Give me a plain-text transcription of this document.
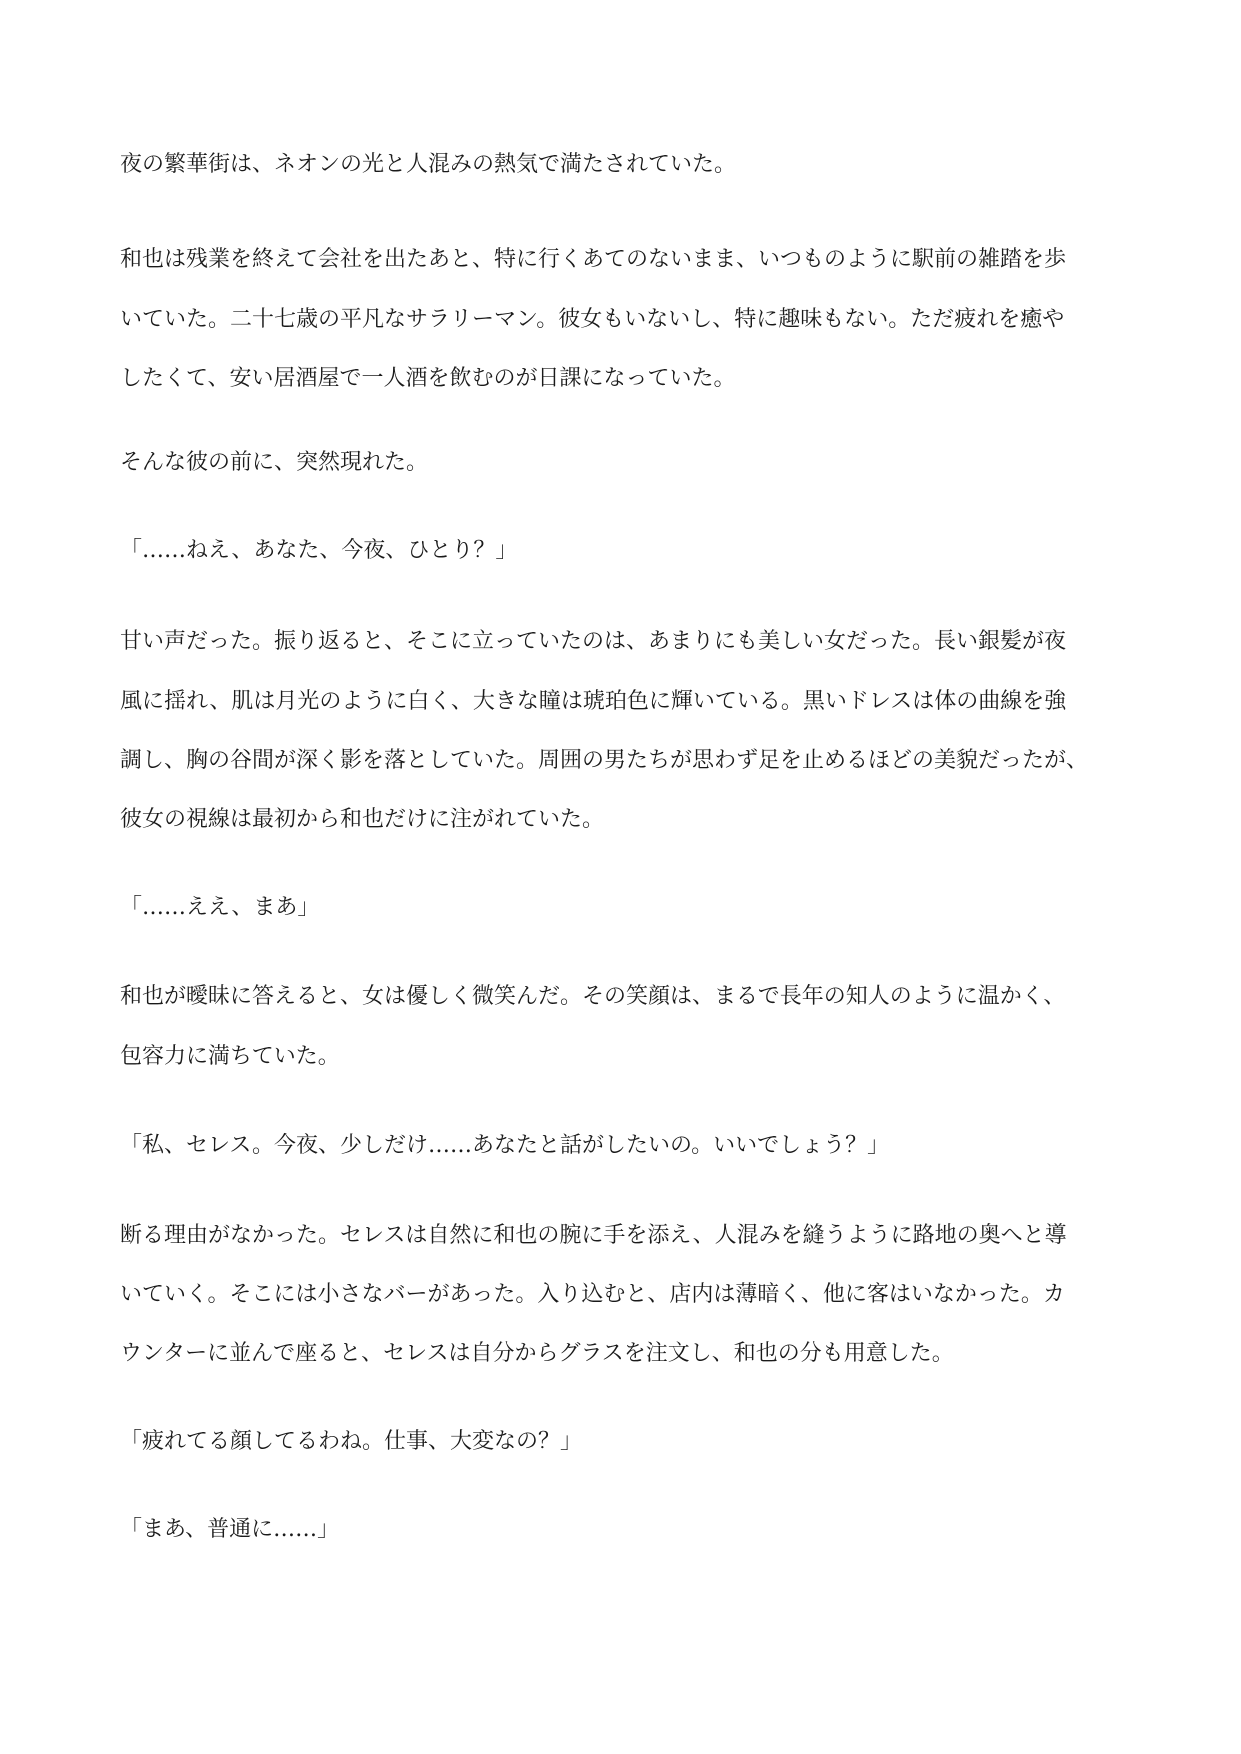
夜の繁華街は、ネオンの光と人混みの熱気で満たされていた。

和也は残業を終えて会社を出たあと、特に行くあてのないまま、いつものように駅前の雑踏を歩

いていた。二十七歳の平凡なサラリーマン。彼女もいないし、特に趣味もない。ただ疲れを癒や

したくて、安い居酒屋で一人酒を飲むのが日課になっていた。

そんな彼の前に、突然現れた。

「……ねえ、あなた、今夜、ひとり？」

甘い声だった。振り返ると、そこに立っていたのは、あまりにも美しい女だった。長い銀髪が夜

風に揺れ、肌は月光のように白く、大きな瞳は琥珀色に輝いている。黒いドレスは体の曲線を強

調し、胸の谷間が深く影を落としていた。周囲の男たちが思わず足を止めるほどの美貌だったが、

彼女の視線は最初から和也だけに注がれていた。

「……ええ、まあ」

和也が曖昧に答えると、女は優しく微笑んだ。その笑顔は、まるで長年の知人のように温かく、

包容力に満ちていた。

「私、セレス。今夜、少しだけ……あなたと話がしたいの。いいでしょう？」

断る理由がなかった。セレスは自然に和也の腕に手を添え、人混みを縫うように路地の奥へと導

いていく。そこには小さなバーがあった。入り込むと、店内は薄暗く、他に客はいなかった。カ

ウンターに並んで座ると、セレスは自分からグラスを注文し、和也の分も用意した。

「疲れてる顔してるわね。仕事、大変なの？」

「まあ、普通に……」
